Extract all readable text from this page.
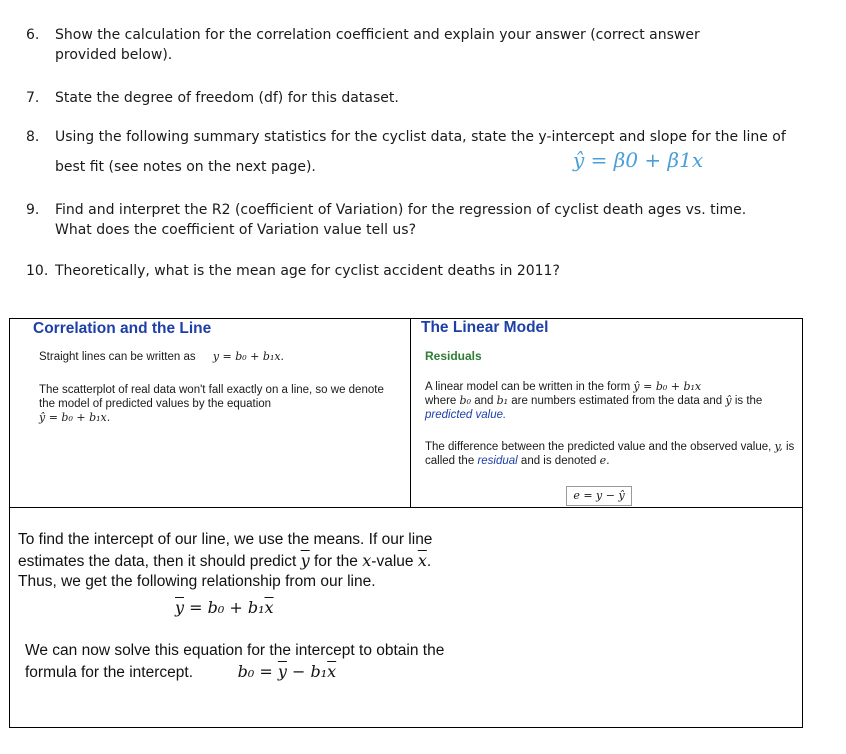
6.	Show the calculation for the correlation coefficient and explain your answer (correct answer provided below).
7.	State the degree of freedom (df) for this dataset.
8.	Using the following summary statistics for the cyclist data, state the y-intercept and slope for the line of
best fit (see notes on the next page).	ŷ = β0 + β1x
9.	Find and interpret the R2 (coefficient of Variation) for the regression of cyclist death ages vs. time. What does the coefficient of Variation value tell us?
10. Theoretically, what is the mean age for cyclist accident deaths in 2011?
Correlation and the Line
Straight lines can be written as y = b₀ + b₁x.
The scatterplot of real data won't fall exactly on a line, so we denote the model of predicted values by the equation
ŷ = b₀ + b₁x.
The Linear Model
Residuals
A linear model can be written in the form ŷ = b₀ + b₁x
where b₀ and b₁ are numbers estimated from the data and ŷ is the
predicted value.
The difference between the predicted value and the observed value, y, is called the residual and is denoted e.
e = y − ŷ
To find the intercept of our line, we use the means. If our line estimates the data, then it should predict $\overline{y}$ for the x-value $\overline{x}$.
Thus, we get the following relationship from our line.
$\overline{y} = b_0 + b_1\overline{x}$
We can now solve this equation for the intercept to obtain the
formula for the intercept.	$b_0 = \overline{y} - b_1\overline{x}$
